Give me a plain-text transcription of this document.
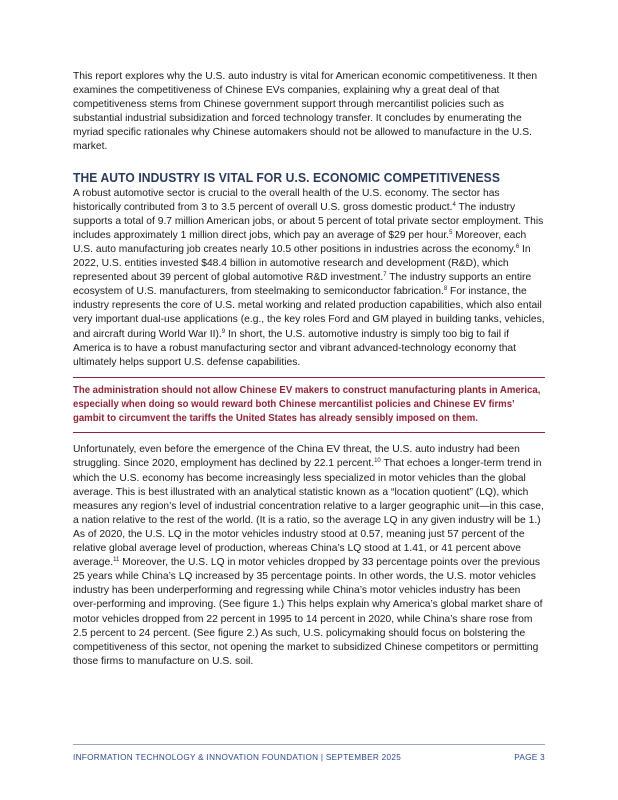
This report explores why the U.S. auto industry is vital for American economic competitiveness. It then examines the competitiveness of Chinese EVs companies, explaining why a great deal of that competitiveness stems from Chinese government support through mercantilist policies such as substantial industrial subsidization and forced technology transfer. It concludes by enumerating the myriad specific rationales why Chinese automakers should not be allowed to manufacture in the U.S. market.

THE AUTO INDUSTRY IS VITAL FOR U.S. ECONOMIC COMPETITIVENESS

A robust automotive sector is crucial to the overall health of the U.S. economy. The sector has historically contributed from 3 to 3.5 percent of overall U.S. gross domestic product.$^4$ The industry supports a total of 9.7 million American jobs, or about 5 percent of total private sector employment. This includes approximately 1 million direct jobs, which pay an average of $29 per hour.$^5$ Moreover, each U.S. auto manufacturing job creates nearly 10.5 other positions in industries across the economy.$^6$ In 2022, U.S. entities invested $48.4 billion in automotive research and development (R&D), which represented about 39 percent of global automotive R&D investment.$^7$ The industry supports an entire ecosystem of U.S. manufacturers, from steelmaking to semiconductor fabrication.$^8$ For instance, the industry represents the core of U.S. metal working and related production capabilities, which also entail very important dual-use applications (e.g., the key roles Ford and GM played in building tanks, vehicles, and aircraft during World War II).$^9$ In short, the U.S. automotive industry is simply too big to fail if America is to have a robust manufacturing sector and vibrant advanced-technology economy that ultimately helps support U.S. defense capabilities.

The administration should not allow Chinese EV makers to construct manufacturing plants in America, especially when doing so would reward both Chinese mercantilist policies and Chinese EV firms’ gambit to circumvent the tariffs the United States has already sensibly imposed on them.

Unfortunately, even before the emergence of the China EV threat, the U.S. auto industry had been struggling. Since 2020, employment has declined by 22.1 percent.$^{10}$ That echoes a longer-term trend in which the U.S. economy has become increasingly less specialized in motor vehicles than the global average. This is best illustrated with an analytical statistic known as a “location quotient” (LQ), which measures any region’s level of industrial concentration relative to a larger geographic unit—in this case, a nation relative to the rest of the world. (It is a ratio, so the average LQ in any given industry will be 1.) As of 2020, the U.S. LQ in the motor vehicles industry stood at 0.57, meaning just 57 percent of the relative global average level of production, whereas China’s LQ stood at 1.41, or 41 percent above average.$^{11}$ Moreover, the U.S. LQ in motor vehicles dropped by 33 percentage points over the previous 25 years while China’s LQ increased by 35 percentage points. In other words, the U.S. motor vehicles industry has been underperforming and regressing while China’s motor vehicles industry has been over-performing and improving. (See figure 1.) This helps explain why America’s global market share of motor vehicles dropped from 22 percent in 1995 to 14 percent in 2020, while China’s share rose from 2.5 percent to 24 percent. (See figure 2.) As such, U.S. policymaking should focus on bolstering the competitiveness of this sector, not opening the market to subsidized Chinese competitors or permitting those firms to manufacture on U.S. soil.

INFORMATION TECHNOLOGY & INNOVATION FOUNDATION | SEPTEMBER 2025	PAGE 3
